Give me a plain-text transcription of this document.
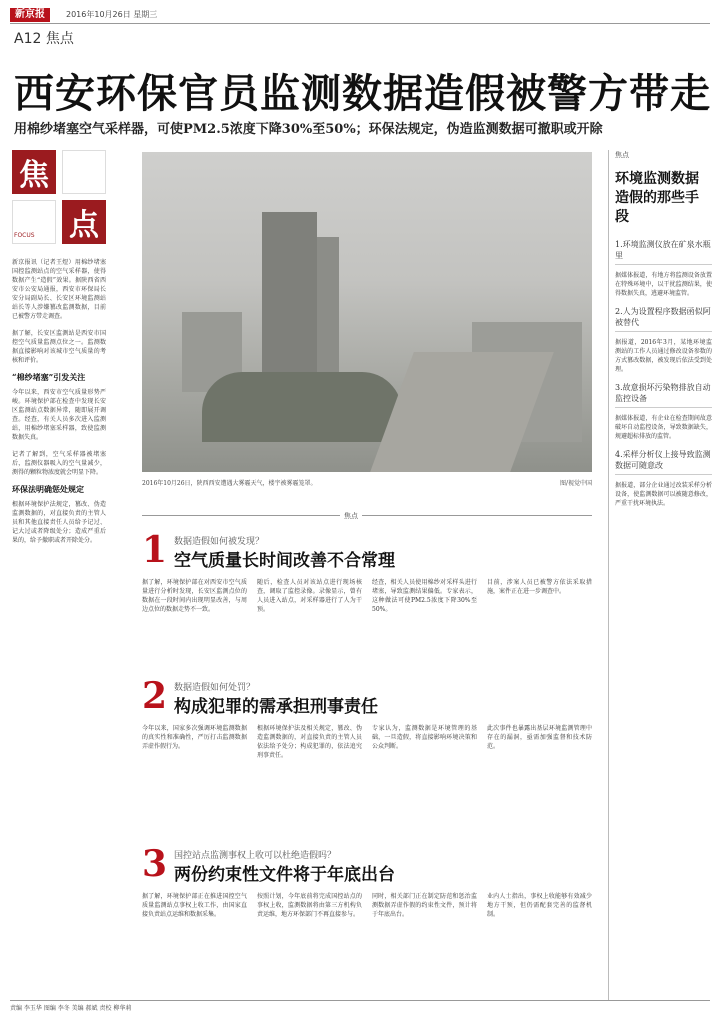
新京报	2016年10月26日 星期三
A12 焦点
西安环保官员监测数据造假被警方带走
用棉纱堵塞空气采样器，可使PM2.5浓度下降30%至50%；环保法规定，伪造监测数据可撤职或开除
焦
点
FOCUS

新京报讯（记者王煜）用棉纱堵塞国控监测站点的空气采样器，使得数据产生“造假”效果。据陕西省西安市公安局通报，西安市环保局长安分局副局长、长安区环境监测站站长等人涉嫌篡改监测数据，目前已被警方带走调查。

据了解，长安区监测站是西安市国控空气质量监测点位之一。监测数据直接影响对该城市空气质量的考核和评价。

“棉纱堵塞”引发关注

今年以来，西安市空气质量形势严峻。环境保护部在检查中发现长安区监测站点数据异常，随即展开调查。经查，有关人员多次进入监测站，用棉纱堵塞采样器，致使监测数据失真。

记者了解到，空气采样器被堵塞后，监测仪器吸入的空气量减少，测得的颗粒物浓度就会明显下降。

环保法明确惩处规定

根据环境保护法规定，篡改、伪造监测数据的，对直接负责的主管人员和其他直接责任人员给予记过、记大过或者降级处分；造成严重后果的，给予撤职或者开除处分。

2016年10月26日，陕西西安遭遇大雾霾天气，楼宇被雾霾笼罩。	图/视觉中国
焦点
1 数据造假如何被发现？
空气质量长时间改善不合常理

据了解，环境保护部在对西安市空气质量进行分析时发现，长安区监测点位的数据在一段时间内出现明显改善，与周边点位的数据走势不一致。

随后，检查人员对该站点进行现场核查，调取了监控录像。录像显示，曾有人员进入站点，对采样器进行了人为干预。

经查，相关人员使用棉纱对采样头进行堵塞，导致监测结果偏低。专家表示，这种做法可使PM2.5浓度下降30%至50%。

目前，涉案人员已被警方依法采取措施，案件正在进一步调查中。

2 数据造假如何处罚？
构成犯罪的需承担刑事责任

今年以来，国家多次强调环境监测数据的真实性和准确性，严厉打击监测数据弄虚作假行为。

根据环境保护法及相关规定，篡改、伪造监测数据的，对直接负责的主管人员依法给予处分；构成犯罪的，依法追究刑事责任。

专家认为，监测数据是环境管理的基础，一旦造假，将直接影响环境决策和公众判断。

此次事件也暴露出基层环境监测管理中存在的漏洞，亟需加强监督和技术防范。

3 国控站点监测事权上收可以杜绝造假吗？
两份约束性文件将于年底出台

据了解，环境保护部正在推进国控空气质量监测站点事权上收工作，由国家直接负责站点运维和数据采集。

按照计划，今年底前将完成国控站点的事权上收，监测数据将由第三方机构负责运维，地方环保部门不再直接参与。

同时，相关部门正在制定防范和惩治监测数据弄虚作假的约束性文件，预计将于年底出台。

业内人士指出，事权上收能够有效减少地方干预，但仍需配套完善的监督机制。

焦点
环境监测数据造假的那些手段
1.环境监测仪放在矿泉水瓶里
据媒体报道，有地方将监测设备放置在特殊环境中，以干扰监测结果，使得数据失真，逃避环境监管。
2.人为设置程序数据函似阿被替代
据报道，2016年3月，某地环境监测站的工作人员通过修改设备参数的方式篡改数据，被发现后依法受到处理。
3.故意损坏污染物排放自动监控设备
据媒体报道，有企业在检查期间故意破坏自动监控设备，导致数据缺失，规避超标排放的监管。
4.采样分析仪上接导致监测数据可随意改
据报道，部分企业通过改装采样分析设备，使监测数据可以被随意修改，严重干扰环境执法。
责编 李玉华 图编 李冬 美编 郝斌 责校 柳华莉
